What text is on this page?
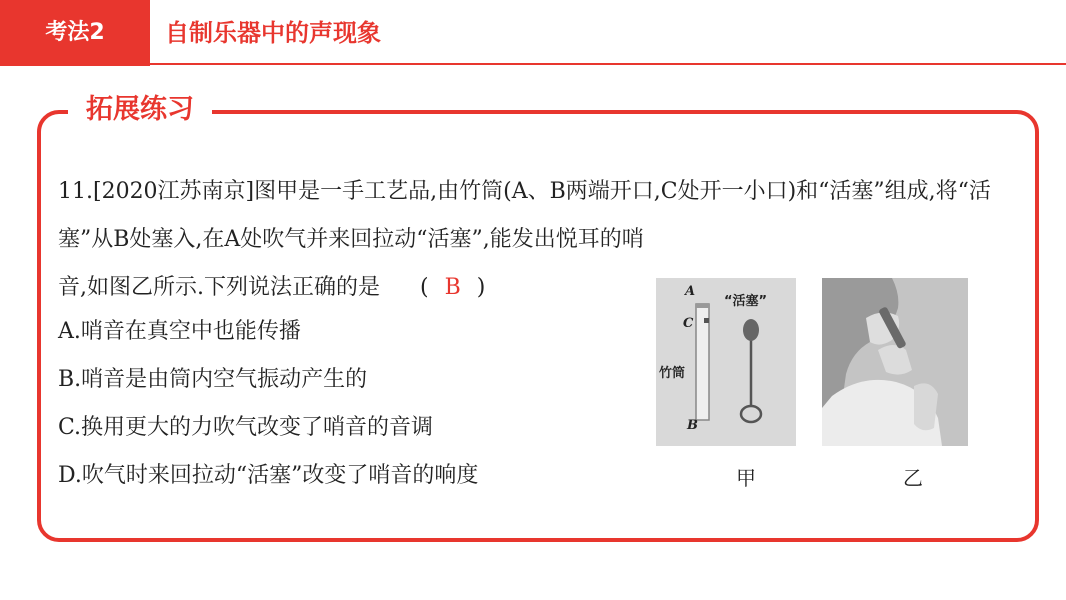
考法2	自制乐器中的声现象
拓展练习
11.[2020江苏南京]图甲是一手工艺品,由竹筒(A、B两端开口,C处开一小口)和“活塞”组成,将“活塞”从B处塞入,在A处吹气并来回拉动“活塞”,能发出悦耳的哨
音,如图乙所示.下列说法正确的是 ( B )
A.哨音在真空中也能传播
B.哨音是由筒内空气振动产生的
C.换用更大的力吹气改变了哨音的音调
D.吹气时来回拉动“活塞”改变了哨音的响度
A
C
B
竹筒
“活塞”
甲	乙
